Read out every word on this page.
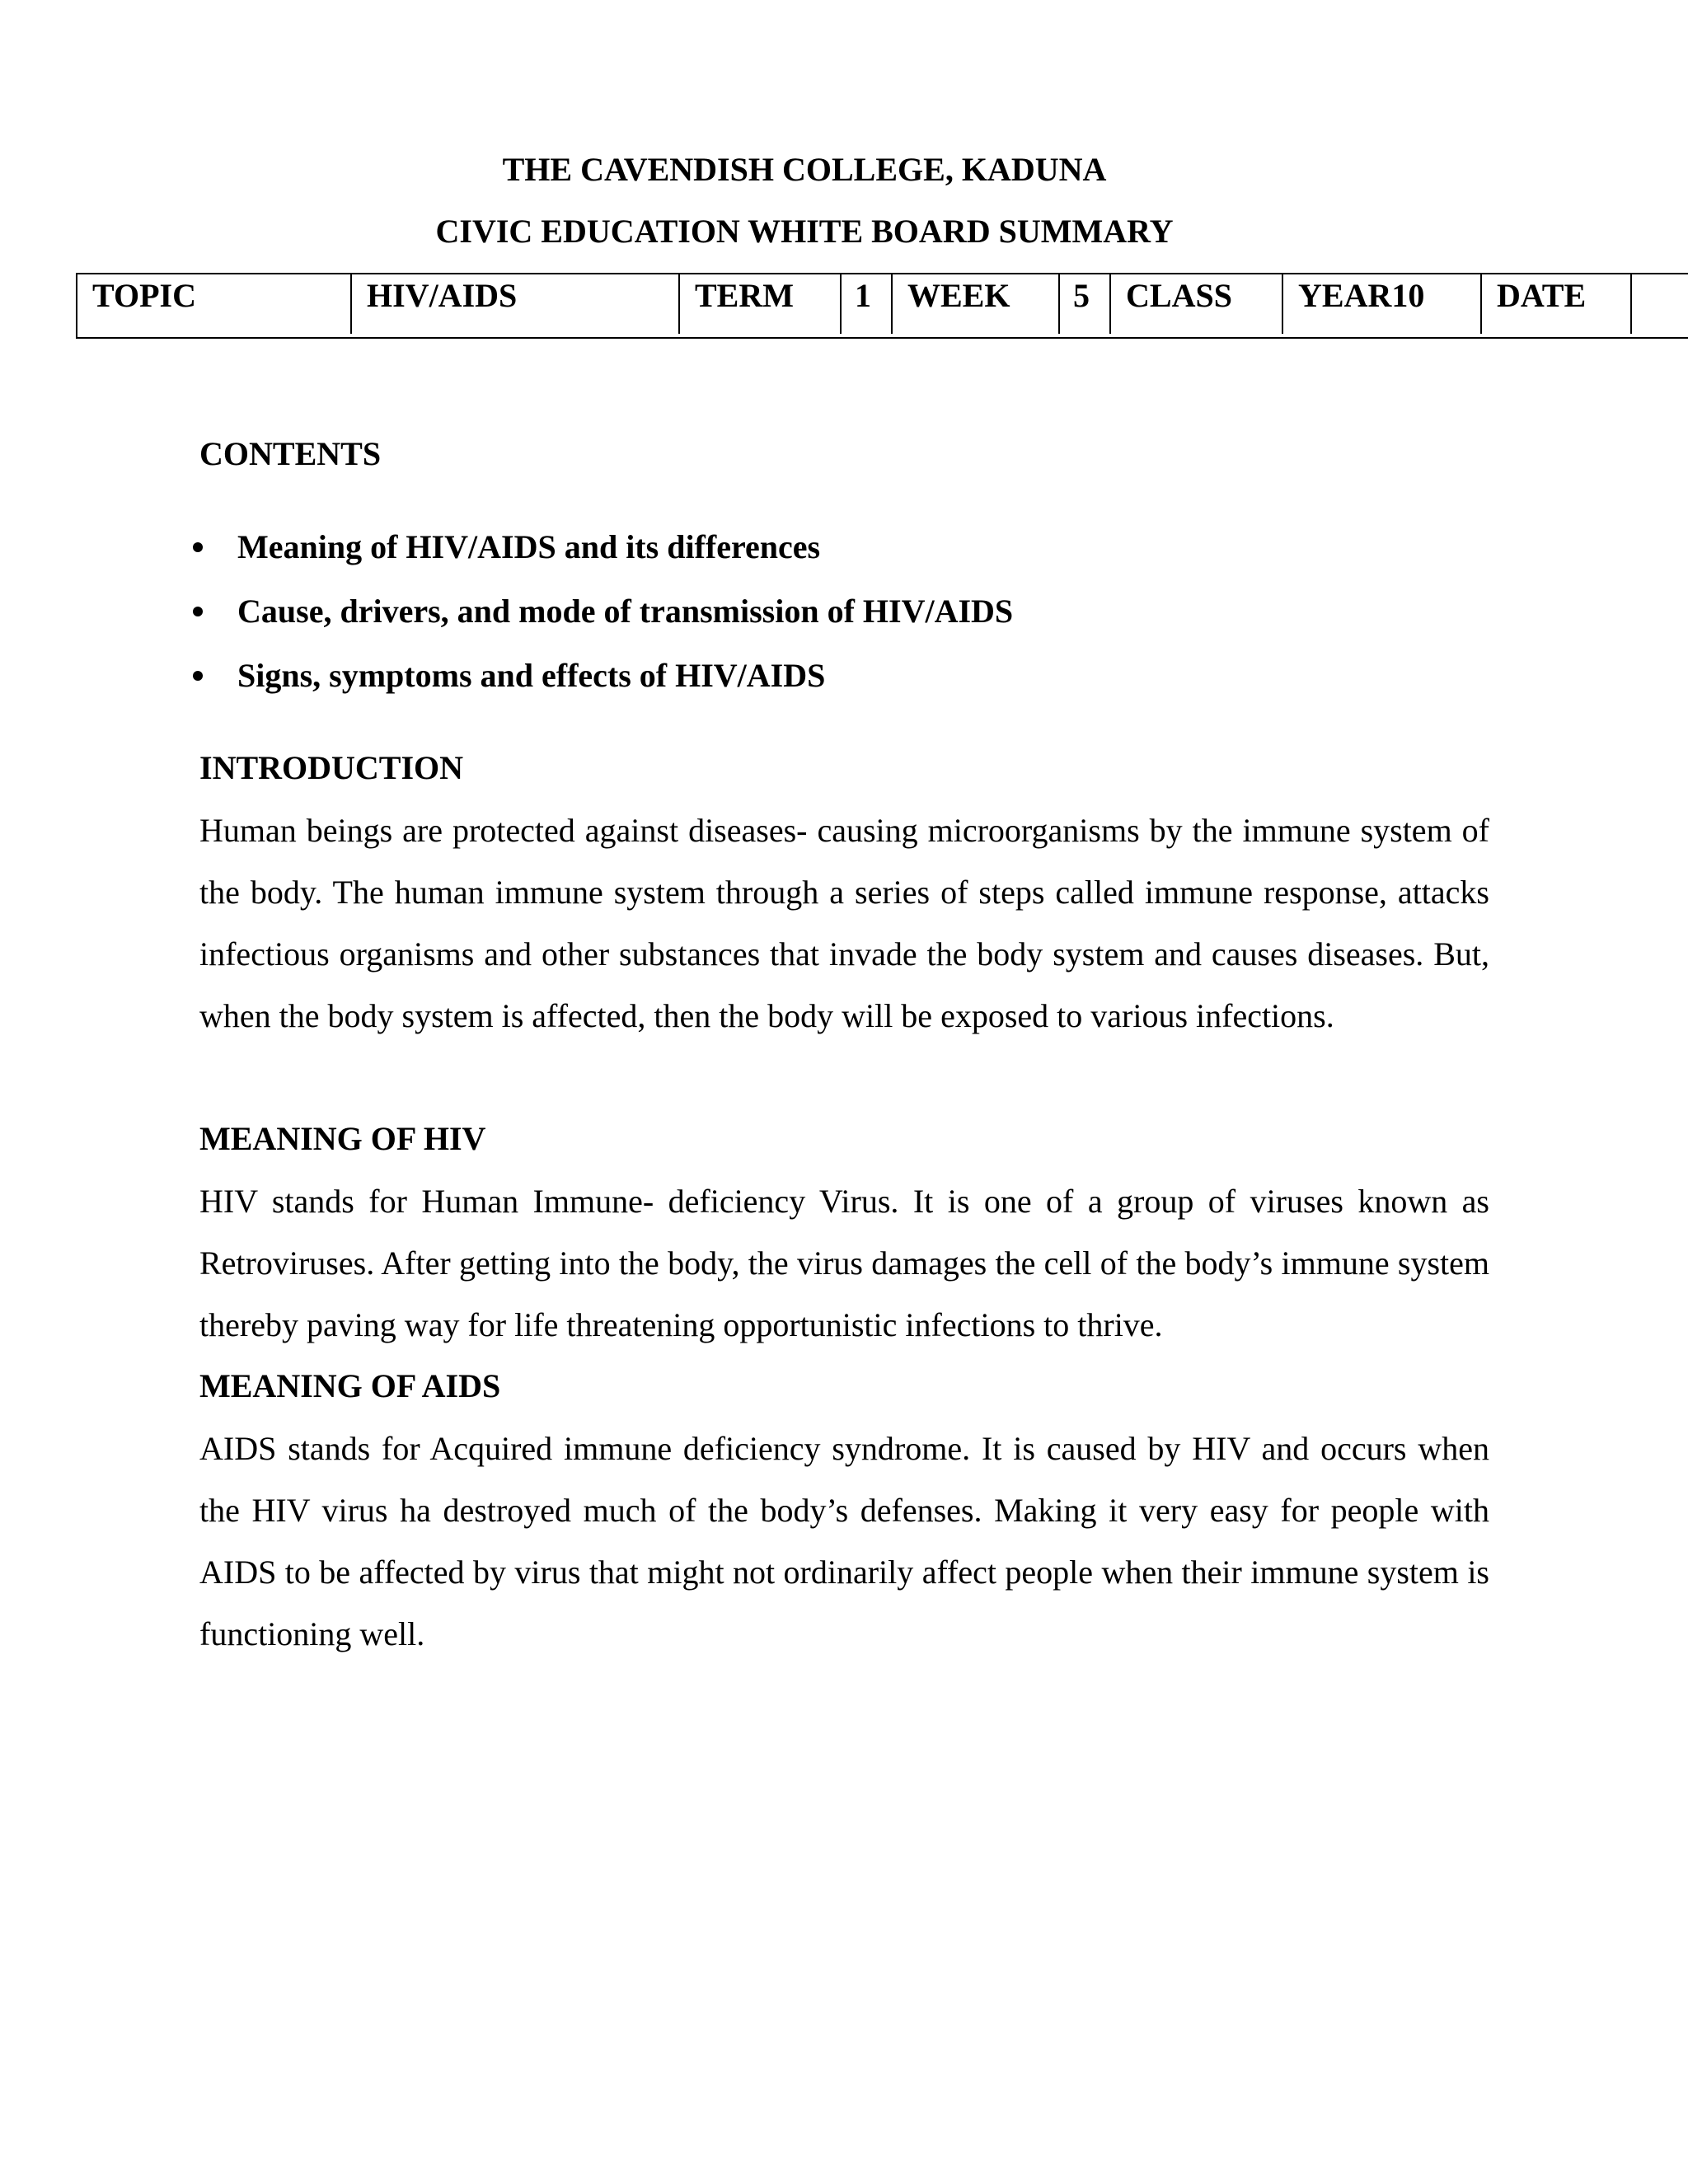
THE CAVENDISH COLLEGE, KADUNA
CIVIC EDUCATION WHITE BOARD SUMMARY
TOPIC	HIV/AIDS	TERM	1	WEEK	5	CLASS	YEAR10	DATE
CONTENTS
Meaning of HIV/AIDS and its differences
Cause, drivers, and mode of transmission of HIV/AIDS
Signs, symptoms and effects of HIV/AIDS
INTRODUCTION

Human beings are protected against diseases- causing microorganisms by the immune system of the body. The human immune system through a series of steps called immune response, attacks infectious organisms and other substances that invade the body system and causes diseases. But, when the body system is affected, then the body will be exposed to various infections.

MEANING OF HIV

HIV stands for Human Immune- deficiency Virus. It is one of a group of viruses known as Retroviruses. After getting into the body, the virus damages the cell of the body’s immune system thereby paving way for life threatening opportunistic infections to thrive.

MEANING OF AIDS

AIDS stands for Acquired immune deficiency syndrome. It is caused by HIV and occurs when the HIV virus ha destroyed much of the body’s defenses. Making it very easy for people with AIDS to be affected by virus that might not ordinarily affect people when their immune system is functioning well.
